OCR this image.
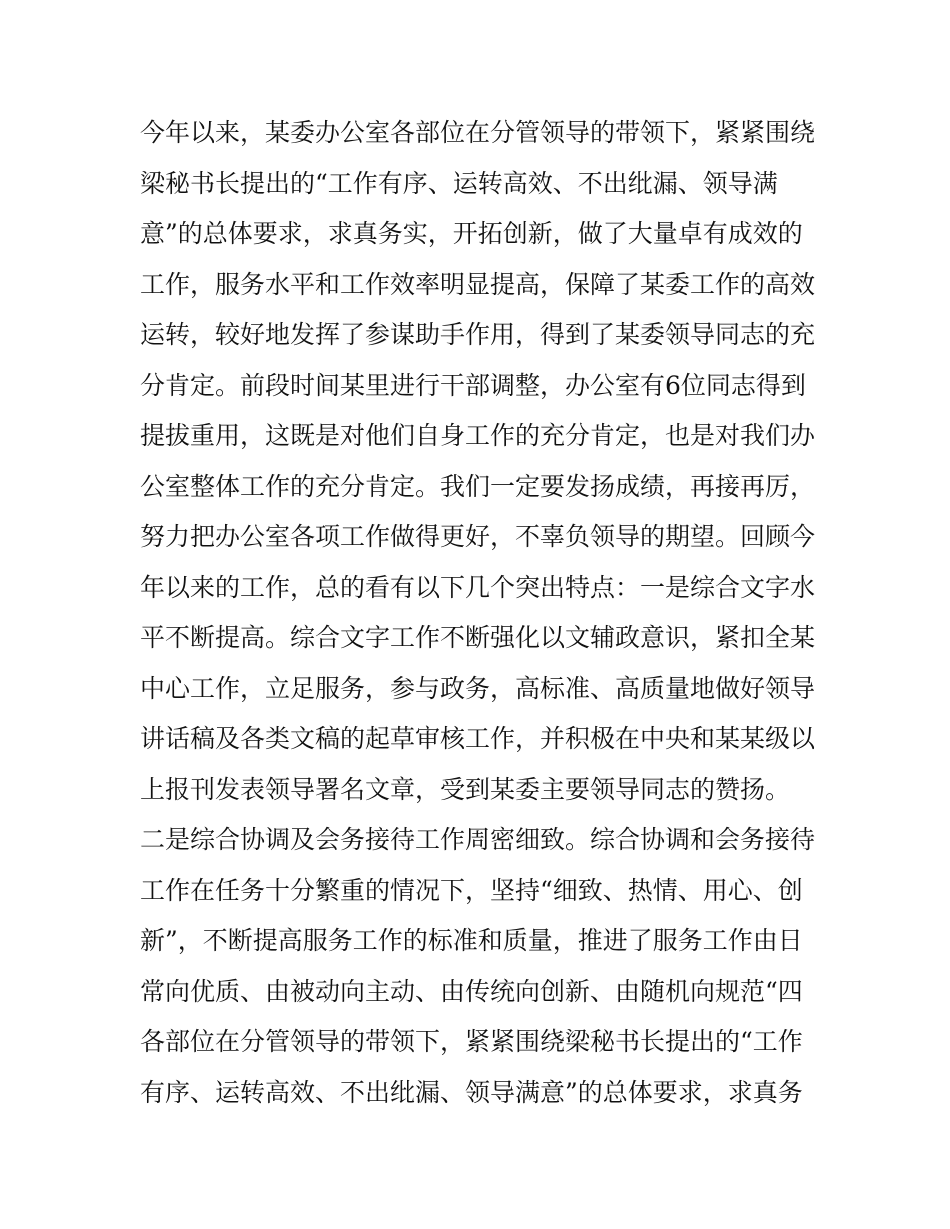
今年以来，某委办公室各部位在分管领导的带领下，紧紧围绕
梁秘书长提出的“工作有序、运转高效、不出纰漏、领导满
意”的总体要求，求真务实，开拓创新，做了大量卓有成效的
工作，服务水平和工作效率明显提高，保障了某委工作的高效
运转，较好地发挥了参谋助手作用，得到了某委领导同志的充
分肯定。前段时间某里进行干部调整，办公室有6位同志得到
提拔重用，这既是对他们自身工作的充分肯定，也是对我们办
公室整体工作的充分肯定。我们一定要发扬成绩，再接再厉，
努力把办公室各项工作做得更好，不辜负领导的期望。回顾今
年以来的工作，总的看有以下几个突出特点：一是综合文字水
平不断提高。综合文字工作不断强化以文辅政意识，紧扣全某
中心工作，立足服务，参与政务，高标准、高质量地做好领导
讲话稿及各类文稿的起草审核工作，并积极在中央和某某级以
上报刊发表领导署名文章，受到某委主要领导同志的赞扬。
二是综合协调及会务接待工作周密细致。综合协调和会务接待
工作在任务十分繁重的情况下，坚持“细致、热情、用心、创
新”，不断提高服务工作的标准和质量，推进了服务工作由日
常向优质、由被动向主动、由传统向创新、由随机向规范“四
各部位在分管领导的带领下，紧紧围绕梁秘书长提出的“工作
有序、运转高效、不出纰漏、领导满意”的总体要求，求真务
